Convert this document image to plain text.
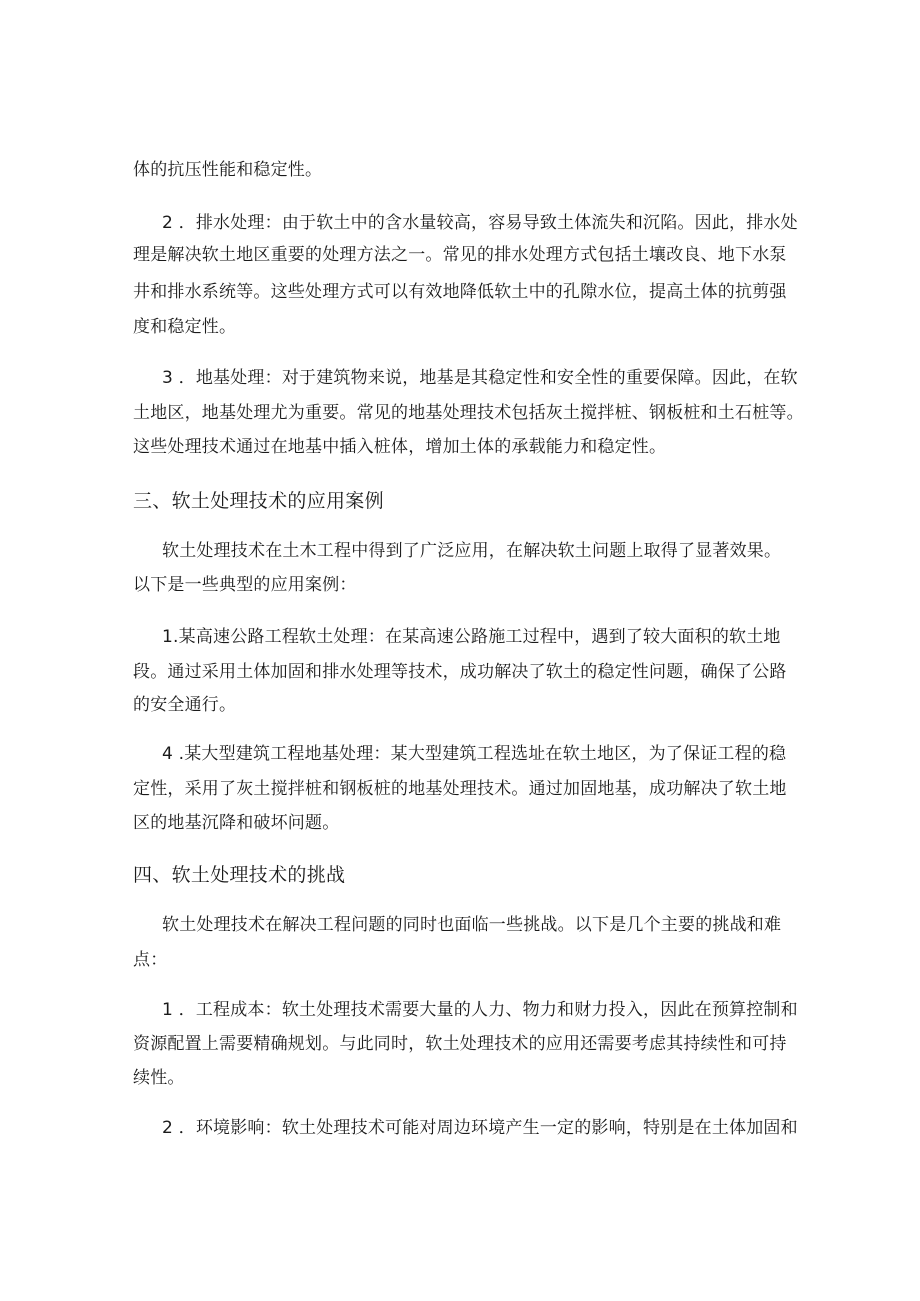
体的抗压性能和稳定性。
2 ．排水处理：由于软土中的含水量较高，容易导致土体流失和沉陷。因此，排水处
理是解决软土地区重要的处理方法之一。常见的排水处理方式包括土壤改良、地下水泵
井和排水系统等。这些处理方式可以有效地降低软土中的孔隙水位，提高土体的抗剪强
度和稳定性。
3 ．地基处理：对于建筑物来说，地基是其稳定性和安全性的重要保障。因此，在软
土地区，地基处理尤为重要。常见的地基处理技术包括灰土搅拌桩、钢板桩和土石桩等。
这些处理技术通过在地基中插入桩体，增加土体的承载能力和稳定性。
三、软土处理技术的应用案例
软土处理技术在土木工程中得到了广泛应用，在解决软土问题上取得了显著效果。
以下是一些典型的应用案例：
1.某高速公路工程软土处理：在某高速公路施工过程中，遇到了较大面积的软土地
段。通过采用土体加固和排水处理等技术，成功解决了软土的稳定性问题，确保了公路
的安全通行。
4 .某大型建筑工程地基处理：某大型建筑工程选址在软土地区，为了保证工程的稳
定性，采用了灰土搅拌桩和钢板桩的地基处理技术。通过加固地基，成功解决了软土地
区的地基沉降和破坏问题。
四、软土处理技术的挑战
软土处理技术在解决工程问题的同时也面临一些挑战。以下是几个主要的挑战和难
点：
1 ．工程成本：软土处理技术需要大量的人力、物力和财力投入，因此在预算控制和
资源配置上需要精确规划。与此同时，软土处理技术的应用还需要考虑其持续性和可持
续性。
2 ．环境影响：软土处理技术可能对周边环境产生一定的影响，特别是在土体加固和
